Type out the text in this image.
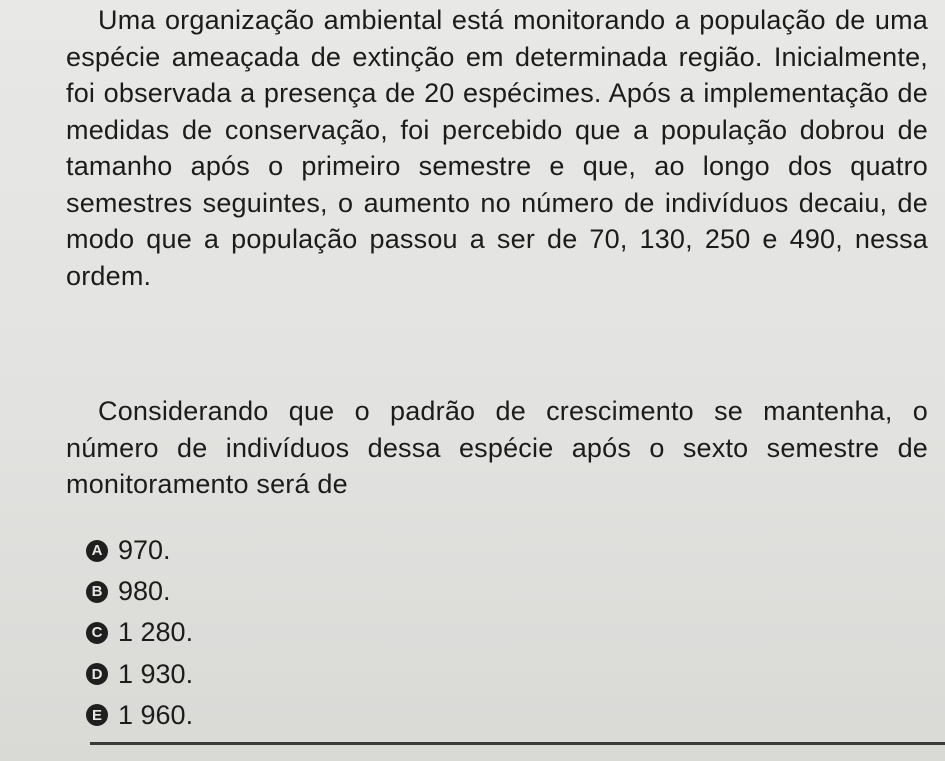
Uma organização ambiental está monitorando a população de uma espécie ameaçada de extinção em determinada região. Inicialmente, foi observada a presença de 20 espécimes. Após a implementação de medidas de conservação, foi percebido que a população dobrou de tamanho após o primeiro semestre e que, ao longo dos quatro semestres seguintes, o aumento no número de indivíduos decaiu, de modo que a população passou a ser de 70, 130, 250 e 490, nessa ordem.

Considerando que o padrão de crescimento se mantenha, o número de indivíduos dessa espécie após o sexto semestre de monitoramento será de

A 970.
B 980.
C 1 280.
D 1 930.
E 1 960.
